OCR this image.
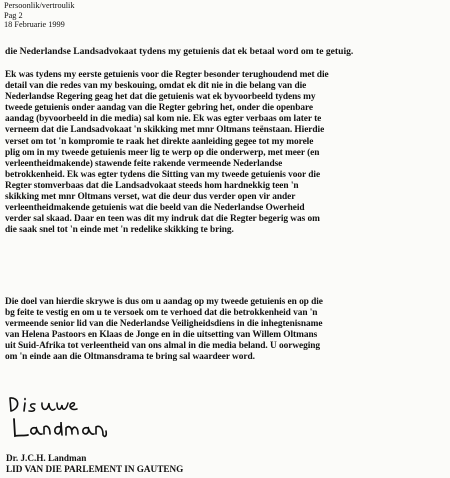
Persoonlik/vertroulik
Pag 2
18 Februarie 1999
die Nederlandse Landsadvokaat tydens my getuienis dat ek betaal word om te getuig.
Ek was tydens my eerste getuienis voor die Regter besonder terughoudend met die
detail van die redes van my beskouing, omdat ek dit nie in die belang van die
Nederlandse Regering geag het dat die getuienis wat ek byvoorbeeld tydens my
tweede getuienis onder aandag van die Regter gebring het, onder die openbare
aandag (byvoorbeeld in die media) sal kom nie. Ek was egter verbaas om later te
verneem dat die Landsadvokaat 'n skikking met mnr Oltmans teënstaan. Hierdie
verset om tot 'n kompromie te raak het direkte aanleiding gegee tot my morele
plig om in my tweede getuienis meer lig te werp op die onderwerp, met meer (en
verleentheidmakende) stawende feite rakende vermeende Nederlandse
betrokkenheid. Ek was egter tydens die Sitting van my tweede getuienis voor die
Regter stomverbaas dat die Landsadvokaat steeds hom hardnekkig teen 'n
skikking met mnr Oltmans verset, wat die deur dus verder open vir ander
verleentheidmakende getuienis wat die beeld van die Nederlandse Owerheid
verder sal skaad. Daar en teen was dit my indruk dat die Regter begerig was om
die saak snel tot 'n einde met 'n redelike skikking te bring.
Die doel van hierdie skrywe is dus om u aandag op my tweede getuienis en op die
bg feite te vestig en om u te versoek om te verhoed dat die betrokkenheid van 'n
vermeende senior lid van die Nederlandse Veiligheidsdiens in die inhegtenisname
van Helena Pastoors en Klaas de Jonge en in die uitsetting van Willem Oltmans
uit Suid-Afrika tot verleentheid van ons almal in die media beland. U oorweging
om 'n einde aan die Oltmansdrama te bring sal waardeer word.
Dr. J.C.H. Landman
LID VAN DIE PARLEMENT IN GAUTENG
